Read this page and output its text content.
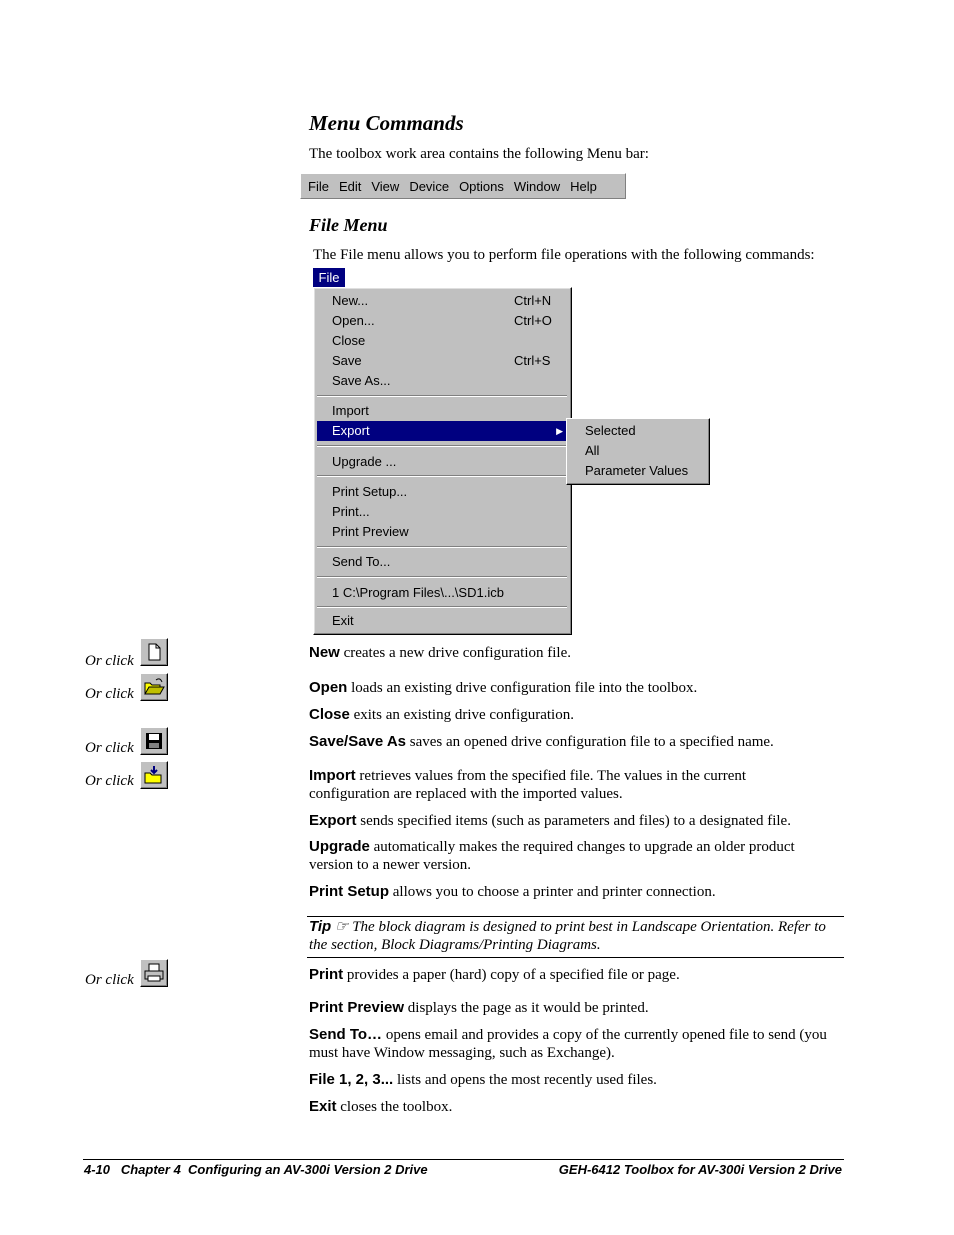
Menu Commands
The toolbox work area contains the following Menu bar:
File Edit View Device Options Window Help
File Menu
The File menu allows you to perform file operations with the following commands:
File
New...	Ctrl+N
Open...	Ctrl+O
Close
Save	Ctrl+S
Save As...
Import
Export	▶
Upgrade ...
Print Setup...
Print...
Print Preview
Send To...
1 C:\Program Files\...\SD1.icb
Exit
Selected
All
Parameter Values
Or click
Or click
Or click
Or click
Or click
New creates a new drive configuration file.
Open loads an existing drive configuration file into the toolbox.
Close exits an existing drive configuration.
Save/Save As saves an opened drive configuration file to a specified name.
Import retrieves values from the specified file. The values in the current configuration are replaced with the imported values.
Export sends specified items (such as parameters and files) to a designated file.
Upgrade automatically makes the required changes to upgrade an older product version to a newer version.
Print Setup allows you to choose a printer and printer connection.
Tip ☞ The block diagram is designed to print best in Landscape Orientation. Refer to the section, Block Diagrams/Printing Diagrams.
Print provides a paper (hard) copy of a specified file or page.
Print Preview displays the page as it would be printed.
Send To… opens email and provides a copy of the currently opened file to send (you must have Window messaging, such as Exchange).
File 1, 2, 3... lists and opens the most recently used files.
Exit closes the toolbox.
4-10   Chapter 4  Configuring an AV-300i Version 2 Drive	GEH-6412 Toolbox for AV-300i Version 2 Drive
